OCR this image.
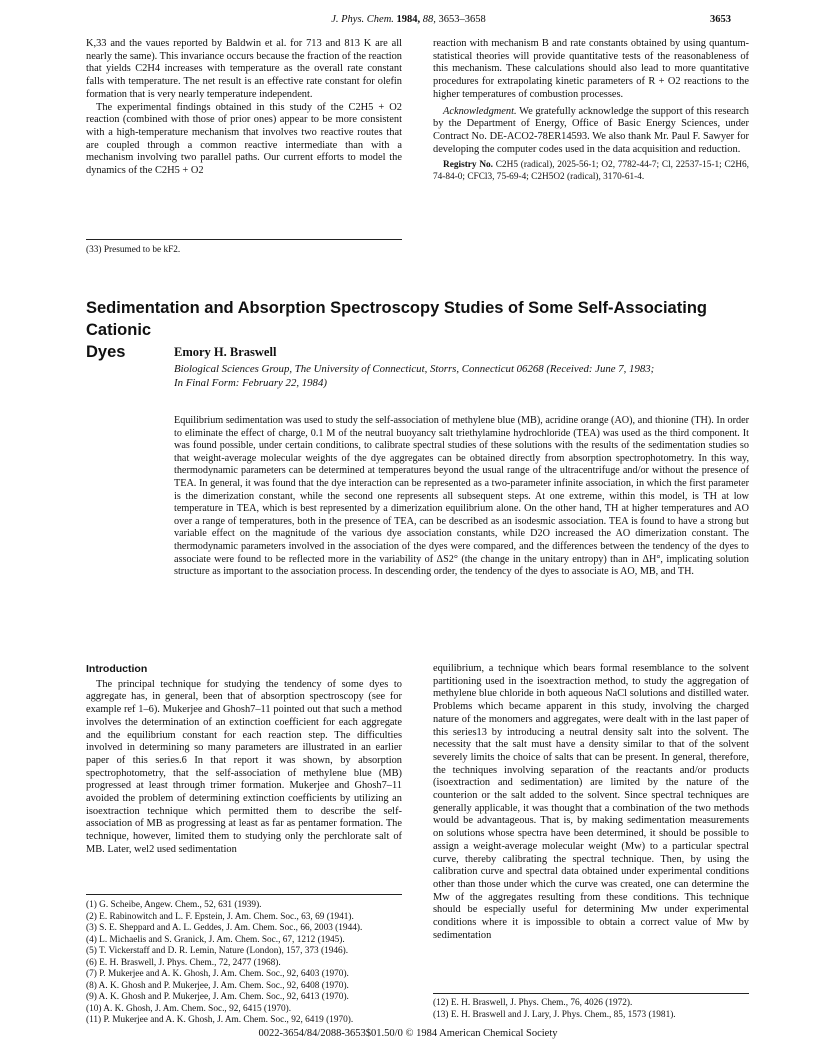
J. Phys. Chem. 1984, 88, 3653–3658	3653

K,33 and the vaues reported by Baldwin et al. for 713 and 813 K are all nearly the same). This invariance occurs because the fraction of the reaction that yields C2H4 increases with temperature as the overall rate constant falls with temperature. The net result is an effective rate constant for olefin formation that is very nearly temperature independent.

The experimental findings obtained in this study of the C2H5 + O2 reaction (combined with those of prior ones) appear to be more consistent with a high-temperature mechanism that involves two reactive routes that are coupled through a common reactive intermediate than with a mechanism involving two parallel paths. Our current efforts to model the dynamics of the C2H5 + O2

(33) Presumed to be kF2.

reaction with mechanism B and rate constants obtained by using quantum-statistical theories will provide quantitative tests of the reasonableness of this mechanism. These calculations should also lead to more quantitative procedures for extrapolating kinetic parameters of R + O2 reactions to the higher temperatures of combustion processes.

Acknowledgment. We gratefully acknowledge the support of this research by the Department of Energy, Office of Basic Energy Sciences, under Contract No. DE-ACO2-78ER14593. We also thank Mr. Paul F. Sawyer for developing the computer codes used in the data acquisition and reduction.

Registry No. C2H5 (radical), 2025-56-1; O2, 7782-44-7; Cl, 22537-15-1; C2H6, 74-84-0; CFCl3, 75-69-4; C2H5O2 (radical), 3170-61-4.

Sedimentation and Absorption Spectroscopy Studies of Some Self-Associating Cationic
Dyes	Emory H. Braswell
Biological Sciences Group, The University of Connecticut, Storrs, Connecticut 06268 (Received: June 7, 1983;
In Final Form: February 22, 1984)

Equilibrium sedimentation was used to study the self-association of methylene blue (MB), acridine orange (AO), and thionine (TH). In order to eliminate the effect of charge, 0.1 M of the neutral buoyancy salt triethylamine hydrochloride (TEA) was used as the third component. It was found possible, under certain conditions, to calibrate spectral studies of these solutions with the results of the sedimentation studies so that weight-average molecular weights of the dye aggregates can be obtained directly from absorption spectrophotometry. In this way, thermodynamic parameters can be determined at temperatures beyond the usual range of the ultracentrifuge and/or without the presence of TEA. In general, it was found that the dye interaction can be represented as a two-parameter infinite association, in which the first parameter is the dimerization constant, while the second one represents all subsequent steps. At one extreme, within this model, is TH at low temperature in TEA, which is best represented by a dimerization equilibrium alone. On the other hand, TH at higher temperatures and AO over a range of temperatures, both in the presence of TEA, can be described as an isodesmic association. TEA is found to have a strong but variable effect on the magnitude of the various dye association constants, while D2O increased the AO dimerization constant. The thermodynamic parameters involved in the association of the dyes were compared, and the differences between the tendency of the dyes to associate were found to be reflected more in the variability of ΔS2° (the change in the unitary entropy) than in ΔH°, implicating solution structure as important to the association process. In descending order, the tendency of the dyes to associate is AO, MB, and TH.

Introduction

The principal technique for studying the tendency of some dyes to aggregate has, in general, been that of absorption spectroscopy (see for example ref 1–6). Mukerjee and Ghosh7–11 pointed out that such a method involves the determination of an extinction coefficient for each aggregate and the equilibrium constant for each reaction step. The difficulties involved in determining so many parameters are illustrated in an earlier paper of this series.6 In that report it was shown, by absorption spectrophotometry, that the self-association of methylene blue (MB) progressed at least through trimer formation. Mukerjee and Ghosh7–11 avoided the problem of determining extinction coefficients by utilizing an isoextraction technique which permitted them to describe the self-association of MB as progressing at least as far as pentamer formation. The technique, however, limited them to studying only the perchlorate salt of MB. Later, wel2 used sedimentation

(1) G. Scheibe, Angew. Chem., 52, 631 (1939).
(2) E. Rabinowitch and L. F. Epstein, J. Am. Chem. Soc., 63, 69 (1941).
(3) S. E. Sheppard and A. L. Geddes, J. Am. Chem. Soc., 66, 2003 (1944).
(4) L. Michaelis and S. Granick, J. Am. Chem. Soc., 67, 1212 (1945).
(5) T. Vickerstaff and D. R. Lemin, Nature (London), 157, 373 (1946).
(6) E. H. Braswell, J. Phys. Chem., 72, 2477 (1968).
(7) P. Mukerjee and A. K. Ghosh, J. Am. Chem. Soc., 92, 6403 (1970).
(8) A. K. Ghosh and P. Mukerjee, J. Am. Chem. Soc., 92, 6408 (1970).
(9) A. K. Ghosh and P. Mukerjee, J. Am. Chem. Soc., 92, 6413 (1970).
(10) A. K. Ghosh, J. Am. Chem. Soc., 92, 6415 (1970).
(11) P. Mukerjee and A. K. Ghosh, J. Am. Chem. Soc., 92, 6419 (1970).

equilibrium, a technique which bears formal resemblance to the solvent partitioning used in the isoextraction method, to study the aggregation of methylene blue chloride in both aqueous NaCl solutions and distilled water. Problems which became apparent in this study, involving the charged nature of the monomers and aggregates, were dealt with in the last paper of this series13 by introducing a neutral density salt into the solvent. The necessity that the salt must have a density similar to that of the solvent severely limits the choice of salts that can be present. In general, therefore, the techniques involving separation of the reactants and/or products (isoextraction and sedimentation) are limited by the nature of the counterion or the salt added to the solvent. Since spectral techniques are generally applicable, it was thought that a combination of the two methods would be advantageous. That is, by making sedimentation measurements on solutions whose spectra have been determined, it should be possible to assign a weight-average molecular weight (Mw) to a particular spectral curve, thereby calibrating the spectral technique. Then, by using the calibration curve and spectral data obtained under experimental conditions other than those under which the curve was created, one can determine the Mw of the aggregates resulting from these conditions. This technique should be especially useful for determining Mw under experimental conditions where it is impossible to obtain a correct value of Mw by sedimentation

(12) E. H. Braswell, J. Phys. Chem., 76, 4026 (1972).
(13) E. H. Braswell and J. Lary, J. Phys. Chem., 85, 1573 (1981).
0022-3654/84/2088-3653$01.50/0 © 1984 American Chemical Society
